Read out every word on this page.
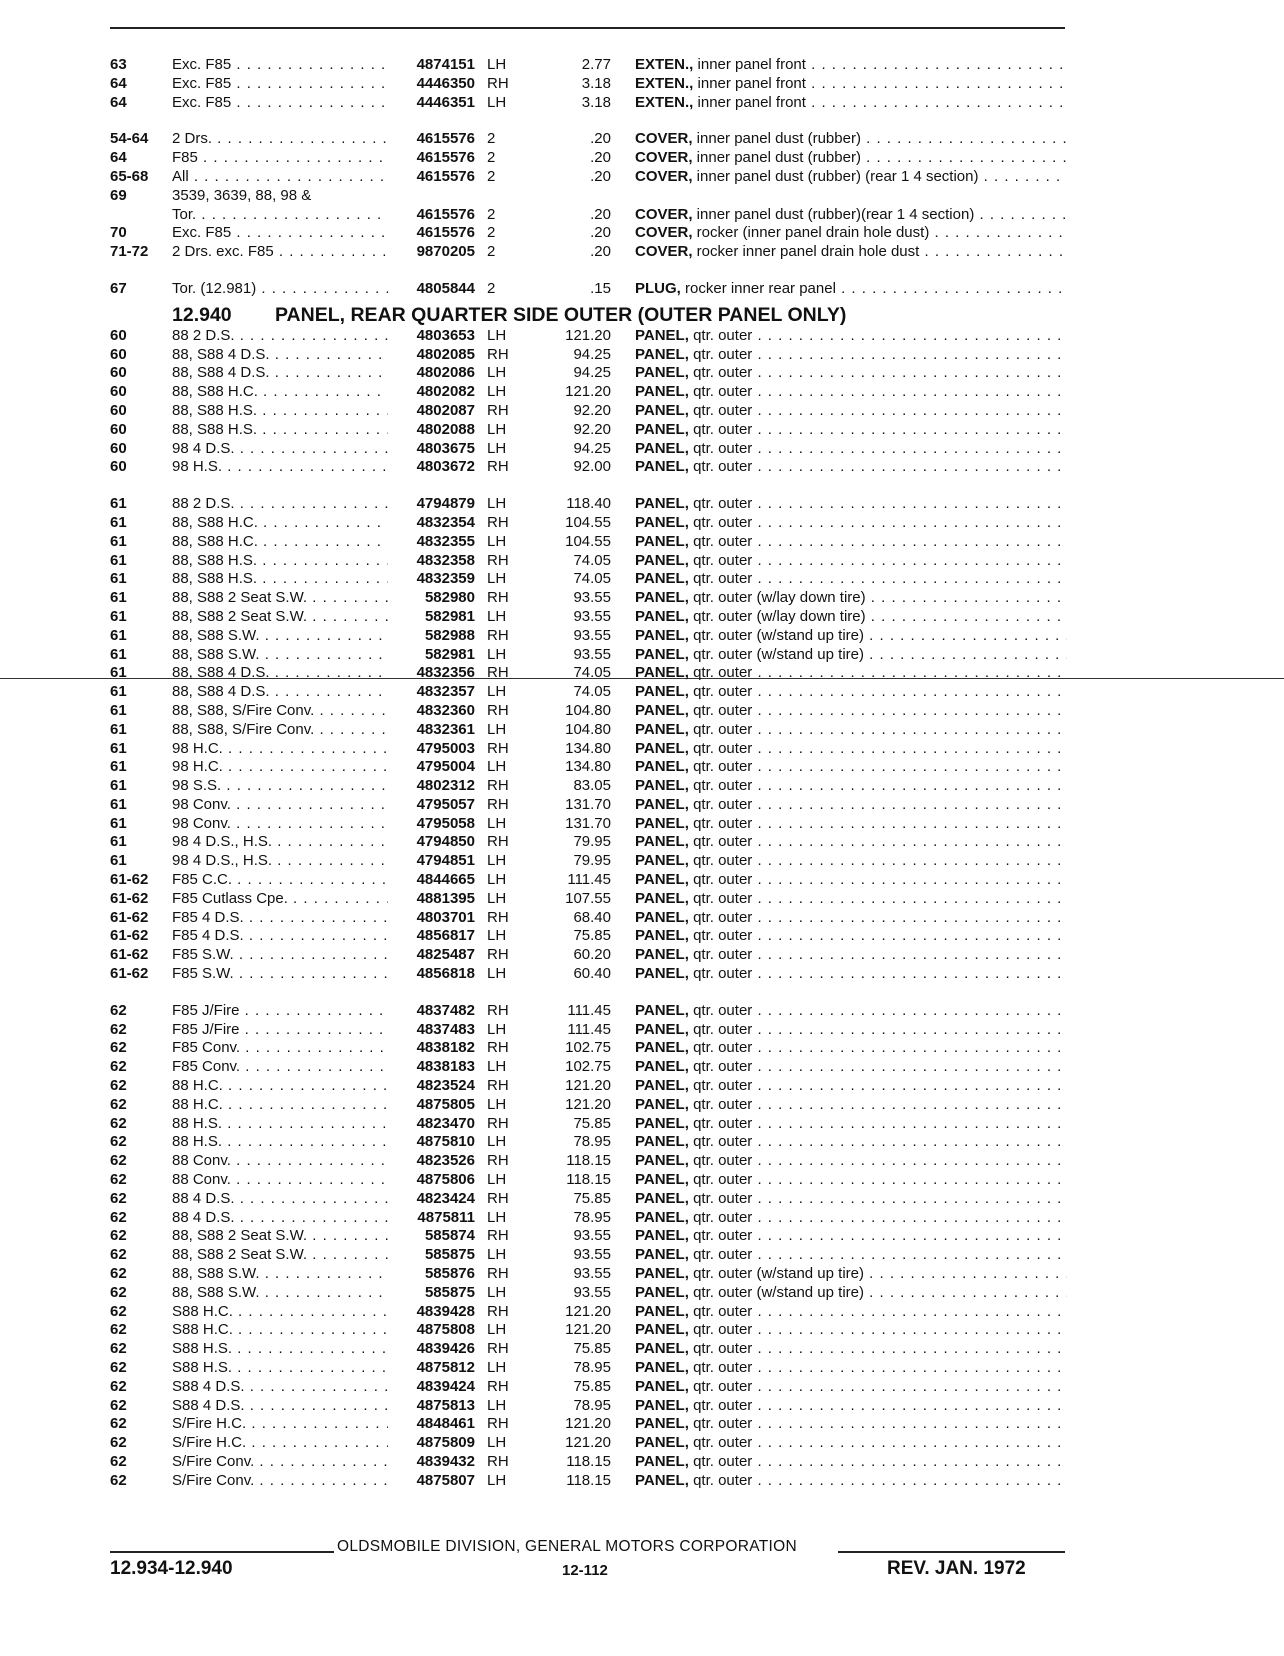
63	Exc. F85 . . .	4874151 LH	2.77 EXTEN., inner panel front . . .
64	Exc. F85 . . .	4446350 RH	3.18 EXTEN., inner panel front . . .
64	Exc. F85 . . .	4446351 LH	3.18 EXTEN., inner panel front . . .
54-64 2 Drs. . . .	4615576 2	.20 COVER, inner panel dust (rubber) . . .
64	F85 . . .	4615576 2	.20 COVER, inner panel dust (rubber) . . .
65-68 All . . .	4615576 2	.20 COVER, inner panel dust (rubber) (rear 1 4 section) . . .
69	3539, 3639, 88, 98 &
Tor. . . .	4615576 2	.20 COVER, inner panel dust (rubber)(rear 1 4 section) . . .
70	Exc. F85 . . .	4615576 2	.20 COVER, rocker (inner panel drain hole dust) . . .
71-72 2 Drs. exc. F85 . . .	9870205 2	.20 COVER, rocker inner panel drain hole dust . . .
67	Tor. (12.981) . . .	4805844 2	.15 PLUG, rocker inner rear panel . . .
12.940 PANEL, REAR QUARTER SIDE OUTER (OUTER PANEL ONLY)
60	88 2 D.S. . . .	4803653 LH	121.20 PANEL, qtr. outer . . .
60	88, S88 4 D.S. . . .	4802085 RH	94.25 PANEL, qtr. outer . . .
60	88, S88 4 D.S. . . .	4802086 LH	94.25 PANEL, qtr. outer . . .
60	88, S88 H.C. . . .	4802082 LH	121.20 PANEL, qtr. outer . . .
60	88, S88 H.S. . . .	4802087 RH	92.20 PANEL, qtr. outer . . .
60	88, S88 H.S. . . .	4802088 LH	92.20 PANEL, qtr. outer . . .
60	98 4 D.S. . . .	4803675 LH	94.25 PANEL, qtr. outer . . .
60	98 H.S. . . .	4803672 RH	92.00 PANEL, qtr. outer . . .
61	88 2 D.S. . . .	4794879 LH	118.40 PANEL, qtr. outer . . .
61	88, S88 H.C. . . .	4832354 RH	104.55 PANEL, qtr. outer . . .
61	88, S88 H.C. . . .	4832355 LH	104.55 PANEL, qtr. outer . . .
61	88, S88 H.S. . . .	4832358 RH	74.05 PANEL, qtr. outer . . .
61	88, S88 H.S. . . .	4832359 LH	74.05 PANEL, qtr. outer . . .
61	88, S88 2 Seat S.W. . . .	582980 RH	93.55 PANEL, qtr. outer (w/lay down tire) . . .
61	88, S88 2 Seat S.W. . . .	582981 LH	93.55 PANEL, qtr. outer (w/lay down tire) . . .
61	88, S88 S.W. . . .	582988 RH	93.55 PANEL, qtr. outer (w/stand up tire) . . .
61	88, S88 S.W. . . .	582981 LH	93.55 PANEL, qtr. outer (w/stand up tire) . . .
61	88, S88 4 D.S. . . .	4832356 RH	74.05 PANEL, qtr. outer . . .
61	88, S88 4 D.S. . . .	4832357 LH	74.05 PANEL, qtr. outer . . .
61	88, S88, S/Fire Conv. . . .	4832360 RH	104.80 PANEL, qtr. outer . . .
61	88, S88, S/Fire Conv. . . .	4832361 LH	104.80 PANEL, qtr. outer . . .
61	98 H.C. . . .	4795003 RH	134.80 PANEL, qtr. outer . . .
61	98 H.C. . . .	4795004 LH	134.80 PANEL, qtr. outer . . .
61	98 S.S. . . .	4802312 RH	83.05 PANEL, qtr. outer . . .
61	98 Conv. . . .	4795057 RH	131.70 PANEL, qtr. outer . . .
61	98 Conv. . . .	4795058 LH	131.70 PANEL, qtr. outer . . .
61	98 4 D.S., H.S. . . .	4794850 RH	79.95 PANEL, qtr. outer . . .
61	98 4 D.S., H.S. . . .	4794851 LH	79.95 PANEL, qtr. outer . . .
61-62 F85 C.C. . . .	4844665 LH	111.45 PANEL, qtr. outer . . .
61-62 F85 Cutlass Cpe. . . .	4881395 LH	107.55 PANEL, qtr. outer . . .
61-62 F85 4 D.S. . . .	4803701 RH	68.40 PANEL, qtr. outer . . .
61-62 F85 4 D.S. . . .	4856817 LH	75.85 PANEL, qtr. outer . . .
61-62 F85 S.W. . . .	4825487 RH	60.20 PANEL, qtr. outer . . .
61-62 F85 S.W. . . .	4856818 LH	60.40 PANEL, qtr. outer . . .
62	F85 J/Fire . . .	4837482 RH	111.45 PANEL, qtr. outer . . .
62	F85 J/Fire . . .	4837483 LH	111.45 PANEL, qtr. outer . . .
62	F85 Conv. . . .	4838182 RH	102.75 PANEL, qtr. outer . . .
62	F85 Conv. . . .	4838183 LH	102.75 PANEL, qtr. outer . . .
62	88 H.C. . . .	4823524 RH	121.20 PANEL, qtr. outer . . .
62	88 H.C. . . .	4875805 LH	121.20 PANEL, qtr. outer . . .
62	88 H.S. . . .	4823470 RH	75.85 PANEL, qtr. outer . . .
62	88 H.S. . . .	4875810 LH	78.95 PANEL, qtr. outer . . .
62	88 Conv. . . .	4823526 RH	118.15 PANEL, qtr. outer . . .
62	88 Conv. . . .	4875806 LH	118.15 PANEL, qtr. outer . . .
62	88 4 D.S. . . .	4823424 RH	75.85 PANEL, qtr. outer . . .
62	88 4 D.S. . . .	4875811 LH	78.95 PANEL, qtr. outer . . .
62	88, S88 2 Seat S.W. . . .	585874 RH	93.55 PANEL, qtr. outer . . .
62	88, S88 2 Seat S.W. . . .	585875 LH	93.55 PANEL, qtr. outer . . .
62	88, S88 S.W. . . .	585876 RH	93.55 PANEL, qtr. outer (w/stand up tire) . . .
62	88, S88 S.W. . . .	585875 LH	93.55 PANEL, qtr. outer (w/stand up tire) . . .
62	S88 H.C. . . .	4839428 RH	121.20 PANEL, qtr. outer . . .
62	S88 H.C. . . .	4875808 LH	121.20 PANEL, qtr. outer . . .
62	S88 H.S. . . .	4839426 RH	75.85 PANEL, qtr. outer . . .
62	S88 H.S. . . .	4875812 LH	78.95 PANEL, qtr. outer . . .
62	S88 4 D.S. . . .	4839424 RH	75.85 PANEL, qtr. outer . . .
62	S88 4 D.S. . . .	4875813 LH	78.95 PANEL, qtr. outer . . .
62	S/Fire H.C. . . .	4848461 RH	121.20 PANEL, qtr. outer . . .
62	S/Fire H.C. . . .	4875809 LH	121.20 PANEL, qtr. outer . . .
62	S/Fire Conv. . . .	4839432 RH	118.15 PANEL, qtr. outer . . .
62	S/Fire Conv. . . .	4875807 LH	118.15 PANEL, qtr. outer . . .
OLDSMOBILE DIVISION, GENERAL MOTORS CORPORATION
12.934-12.940	12-112	REV. JAN. 1972
